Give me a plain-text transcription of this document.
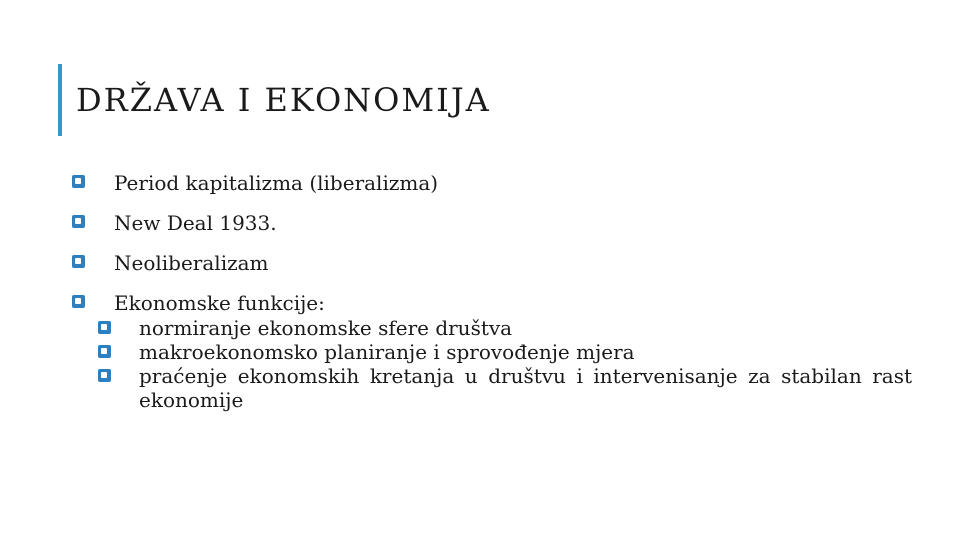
DRŽAVA I EKONOMIJA
Period kapitalizma (liberalizma)
New Deal 1933.
Neoliberalizam
Ekonomske funkcije:
normiranje ekonomske sfere društva
makroekonomsko planiranje i sprovođenje mjera
praćenje ekonomskih kretanja u društvu i intervenisanje za stabilan rast ekonomije
